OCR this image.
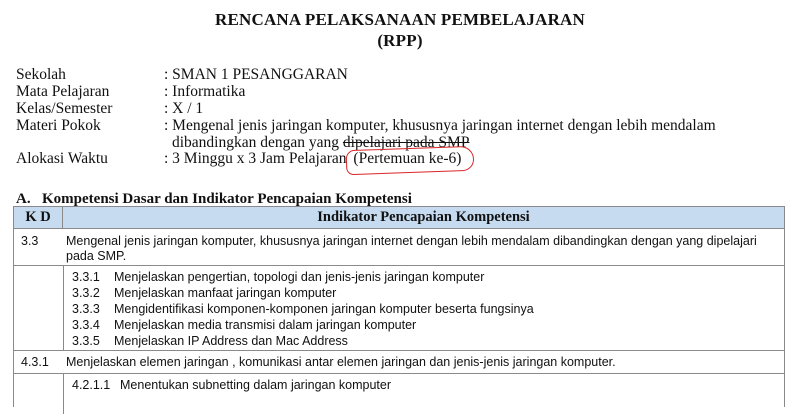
RENCANA PELAKSANAAN PEMBELAJARAN
(RPP)
Sekolah	: SMAN 1 PESANGGARAN
Mata Pelajaran	: Informatika
Kelas/Semester	: X / 1
Materi Pokok	: Mengenal jenis jaringan komputer, khususnya jaringan internet dengan lebih mendalam
dibandingkan dengan yang dipelajari pada SMP
Alokasi Waktu	: 3 Minggu x 3 Jam Pelajaran (Pertemuan ke-6)
A. Kompetensi Dasar dan Indikator Pencapaian Kompetensi
K D	Indikator Pencapaian Kompetensi
3.3 Mengenal jenis jaringan komputer, khususnya jaringan internet dengan lebih mendalam dibandingkan dengan yang dipelajari pada SMP.
3.3.1 Menjelaskan pengertian, topologi dan jenis-jenis jaringan komputer
3.3.2 Menjelaskan manfaat jaringan komputer
3.3.3 Mengidentifikasi komponen-komponen jaringan komputer beserta fungsinya
3.3.4 Menjelaskan media transmisi dalam jaringan komputer
3.3.5 Menjelaskan IP Address dan Mac Address
4.3.1 Menjelaskan elemen jaringan , komunikasi antar elemen jaringan dan jenis-jenis jaringan komputer.
4.2.1.1 Menentukan subnetting dalam jaringan komputer
